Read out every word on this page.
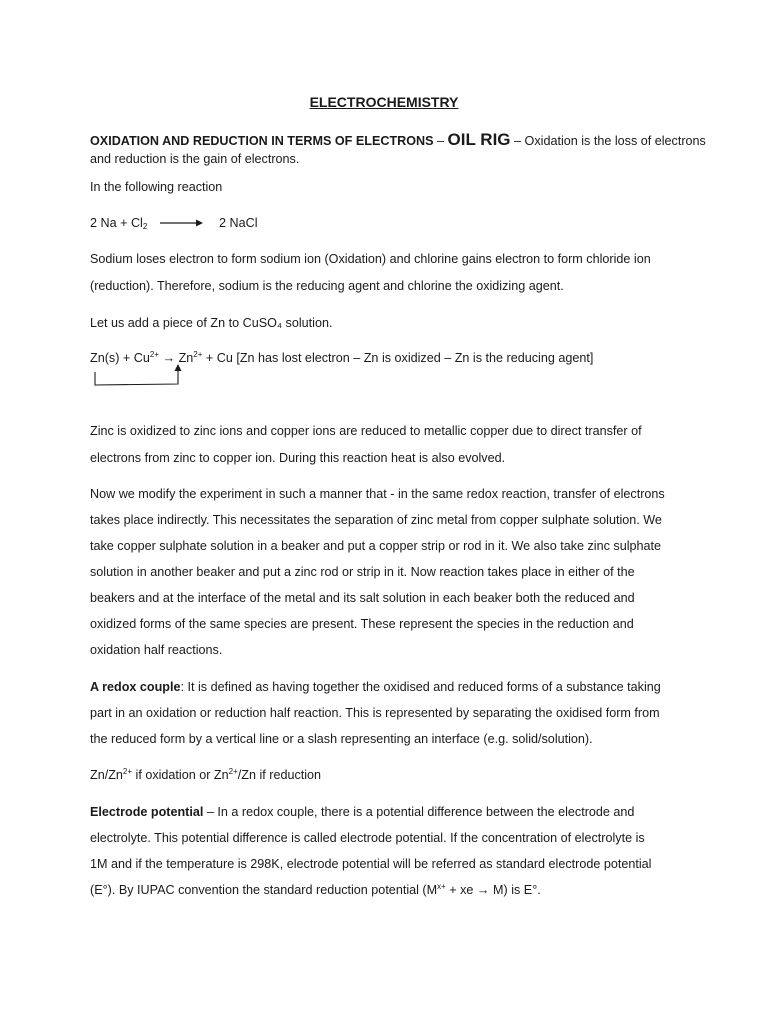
ELECTROCHEMISTRY
OXIDATION AND REDUCTION IN TERMS OF ELECTRONS – OIL RIG – Oxidation is the loss of electrons
and reduction is the gain of electrons.
In the following reaction
2 $Na + Cl_2 \to 2$ NaCl
Sodium loses electron to form sodium ion (Oxidation) and chlorine gains electron to form chloride ion
(reduction). Therefore, sodium is the reducing agent and chlorine the oxidizing agent.
Let us add a piece of Zn to CuSO₄ solution.
$Zn(s) + Cu^{2+} \to Zn^{2+} + Cu$ [Zn has lost electron – Zn is oxidized – Zn is the reducing agent]
Zinc is oxidized to zinc ions and copper ions are reduced to metallic copper due to direct transfer of
electrons from zinc to copper ion. During this reaction heat is also evolved.
Now we modify the experiment in such a manner that - in the same redox reaction, transfer of electrons
takes place indirectly. This necessitates the separation of zinc metal from copper sulphate solution. We
take copper sulphate solution in a beaker and put a copper strip or rod in it. We also take zinc sulphate
solution in another beaker and put a zinc rod or strip in it. Now reaction takes place in either of the
beakers and at the interface of the metal and its salt solution in each beaker both the reduced and
oxidized forms of the same species are present. These represent the species in the reduction and
oxidation half reactions.
A redox couple: It is defined as having together the oxidised and reduced forms of a substance taking
part in an oxidation or reduction half reaction. This is represented by separating the oxidised form from
the reduced form by a vertical line or a slash representing an interface (e.g. solid/solution).
$Zn/Zn^{2+}$ if oxidation or $Zn^{2+}/Zn$ if reduction
Electrode potential – In a redox couple, there is a potential difference between the electrode and
electrolyte. This potential difference is called electrode potential. If the concentration of electrolyte is
1M and if the temperature is 298K, electrode potential will be referred as standard electrode potential
(E°). By IUPAC convention the standard reduction potential ($M^{x+}$ + xe → M) is E°.
